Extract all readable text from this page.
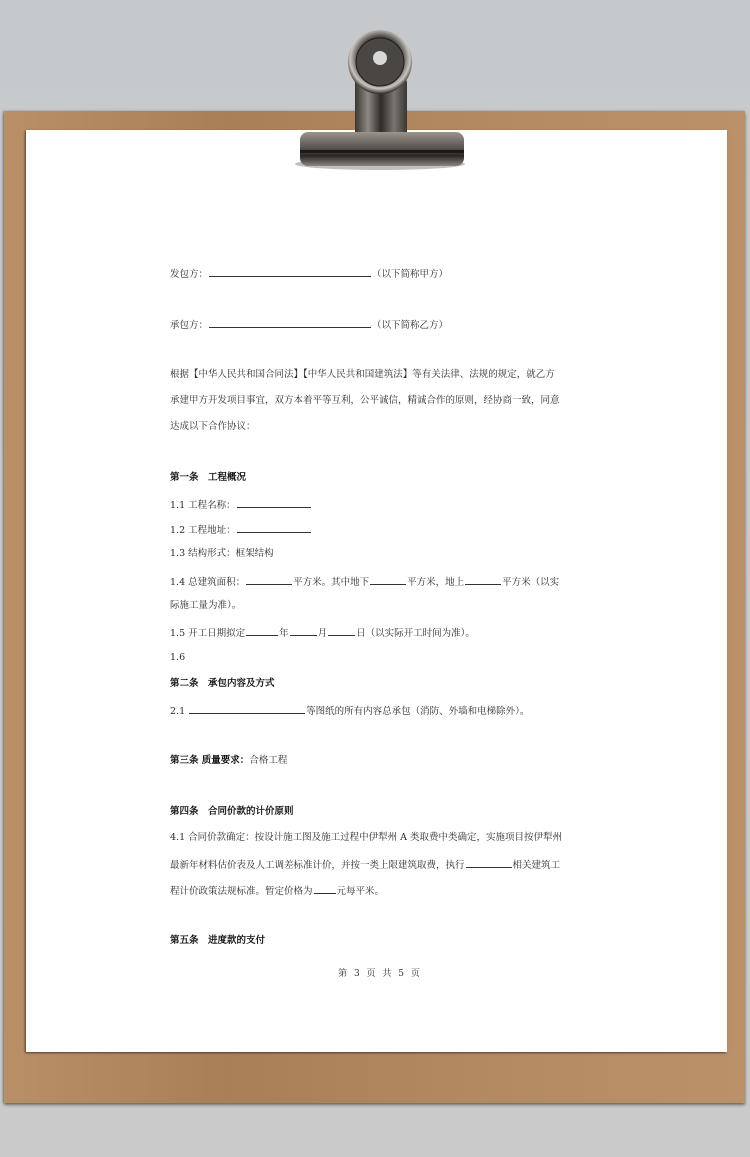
发包方：	（以下简称甲方）
承包方：	（以下简称乙方）
根据【中华人民共和国合同法】【中华人民共和国建筑法】等有关法律、法规的规定，就乙方
承建甲方开发项目事宜，双方本着平等互利，公平诚信，精诚合作的原则，经协商一致，同意
达成以下合作协议：
第一条　工程概况
1.1 工程名称：
1.2 工程地址：
1.3 结构形式：框架结构
1.4 总建筑面积：	平方米。其中地下	平方米，地上	平方米（以实
际施工量为准）。
1.5 开工日期拟定	年	月	日（以实际开工时间为准）。
1.6
第二条　承包内容及方式
2.1	等图纸的所有内容总承包（消防、外墙和电梯除外）。
第三条 质量要求：合格工程
第四条　合同价款的计价原则
4.1 合同价款确定：按设计施工图及施工过程中伊犁州 A 类取费中类确定，实施项目按伊犁州
最新年材料估价表及人工调差标准计价，并按一类上限建筑取费，执行	相关建筑工
程计价政策法规标准。暂定价格为	元每平米。
第五条　进度款的支付
第 3 页 共 5 页
